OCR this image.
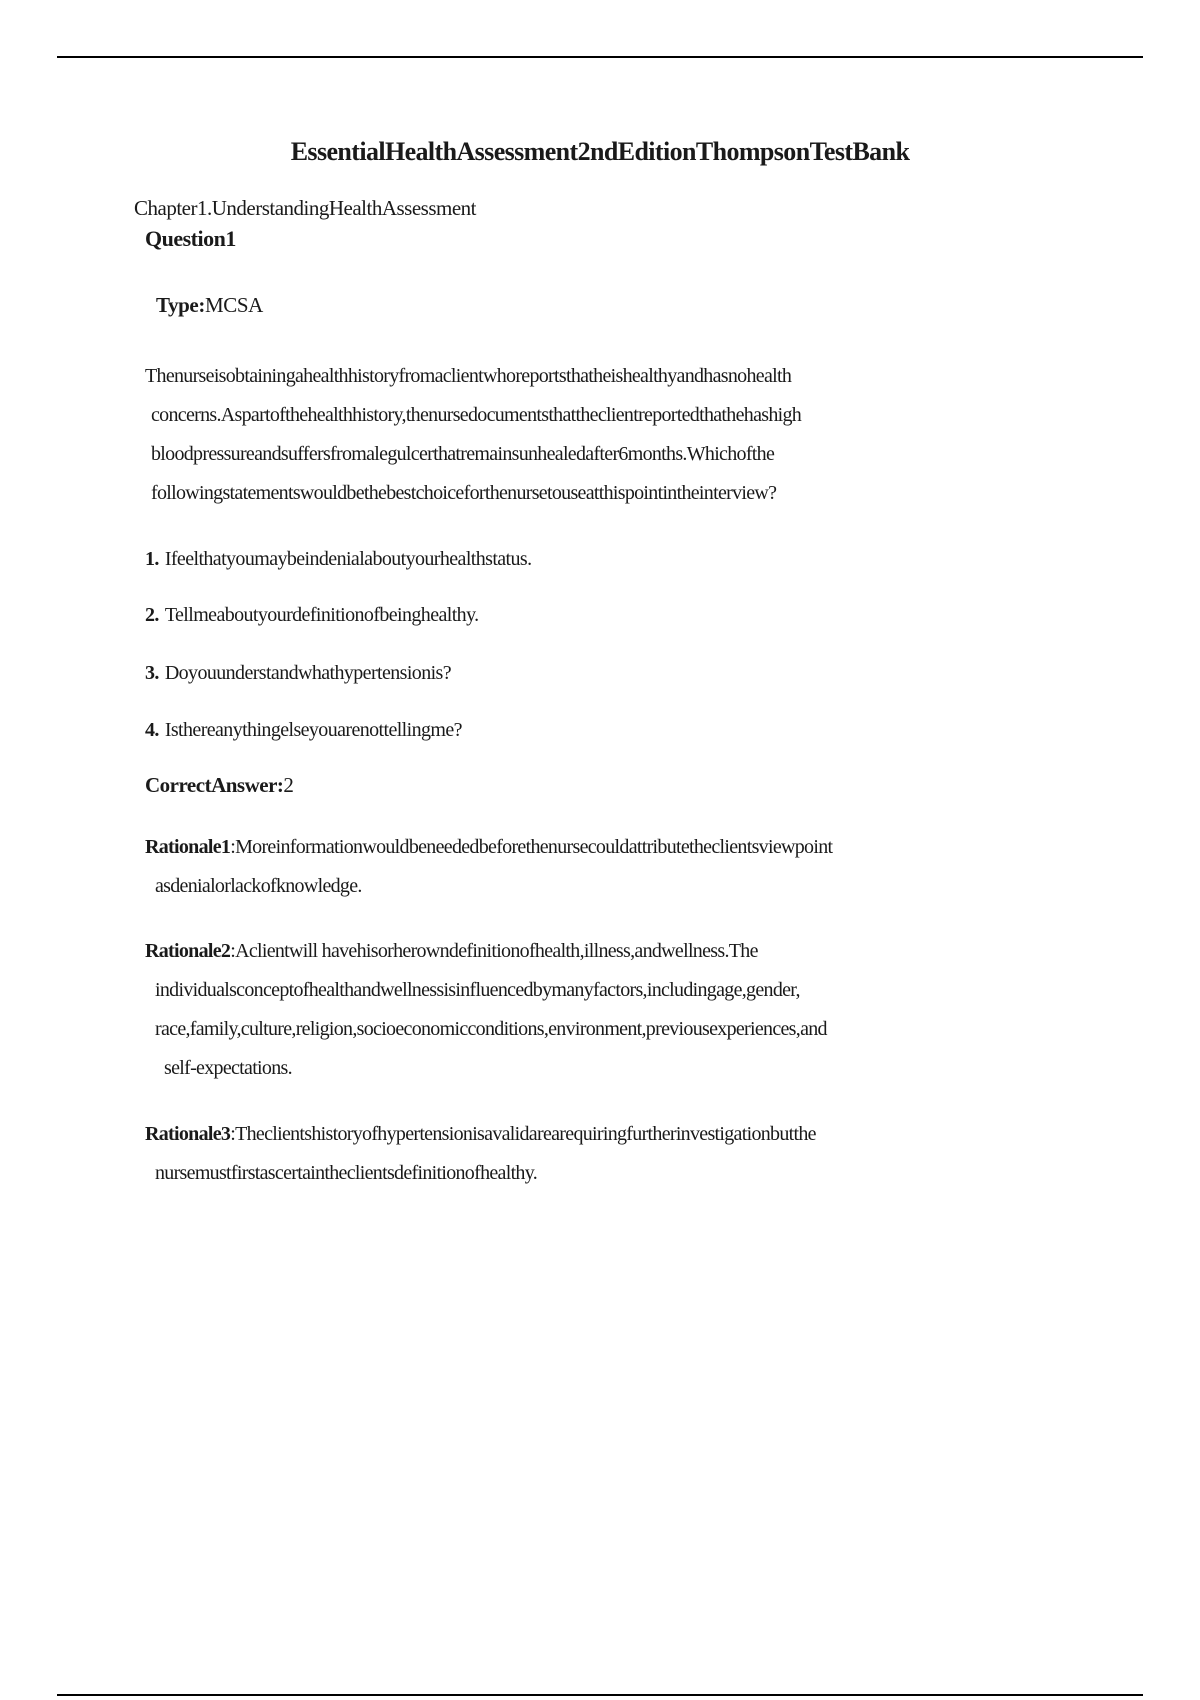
EssentialHealthAssessment2ndEditionThompsonTestBank

Chapter1.UnderstandingHealthAssessment

Question1

Type:MCSA
Thenurseisobtainingahealthhistoryfromaclientwhoreportsthatheishealthyandhasnohealth
concerns.Aspartofthehealthhistory,thenursedocumentsthattheclientreportedthathehashigh
bloodpressureandsuffersfromalegulcerthatremainsunhealedafter6months.Whichofthe
followingstatementswouldbethebestchoiceforthenursetouseatthispointintheinterview?
1. Ifeelthatyoumaybeindenialaboutyourhealthstatus.
2. Tellmeaboutyourdefinitionofbeinghealthy.
3. Doyouunderstandwhathypertensionis?
4. Isthereanythingelseyouarenottellingme?
CorrectAnswer:2
Rationale1:Moreinformationwouldbeneededbeforethenursecouldattributetheclientsviewpoint
asdenialorlackofknowledge.
Rationale2:Aclientwill havehisorherowndefinitionofhealth,illness,andwellness.The
individualsconceptofhealthandwellnessisinfluencedbymanyfactors,includingage,gender,
race,family,culture,religion,socioeconomicconditions,environment,previousexperiences,and
self-expectations.
Rationale3:Theclientshistoryofhypertensionisavalidarearequiringfurtherinvestigationbutthe
nursemustfirstascertaintheclientsdefinitionofhealthy.
